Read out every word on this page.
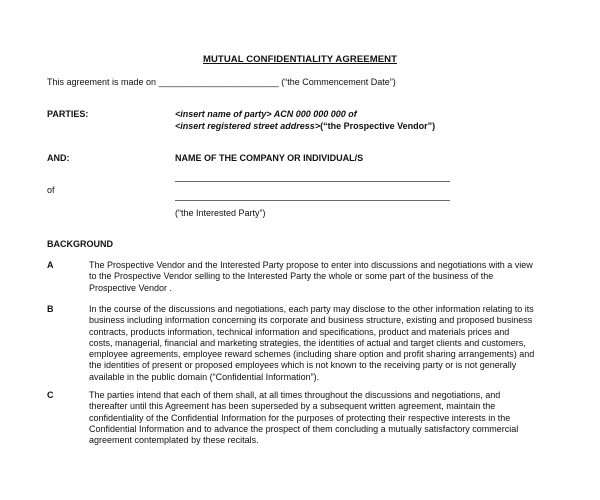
MUTUAL CONFIDENTIALITY AGREEMENT
This agreement is made on ________________________ (“the Commencement Date”)
PARTIES:	<insert name of party> ACN 000 000 000 of
<insert registered street address>(“the Prospective Vendor”)
AND:	NAME OF THE COMPANY OR INDIVIDUAL/S
of
(“the Interested Party”)
BACKGROUND
A	The Prospective Vendor and the Interested Party propose to enter into discussions and negotiations with a view
to the Prospective Vendor selling to the Interested Party the whole or some part of the business of the
Prospective Vendor .
B	In the course of the discussions and negotiations, each party may disclose to the other information relating to its
business including information concerning its corporate and business structure, existing and proposed business
contracts, products information, technical information and specifications, product and materials prices and
costs, managerial, financial and marketing strategies, the identities of actual and target clients and customers,
employee agreements, employee reward schemes (including share option and profit sharing arrangements) and
the identities of present or proposed employees which is not known to the receiving party or is not generally
available in the public domain (“Confidential Information”).
C	The parties intend that each of them shall, at all times throughout the discussions and negotiations, and
thereafter until this Agreement has been superseded by a subsequent written agreement, maintain the
confidentiality of the Confidential Information for the purposes of protecting their respective interests in the
Confidential Information and to advance the prospect of them concluding a mutually satisfactory commercial
agreement contemplated by these recitals.
